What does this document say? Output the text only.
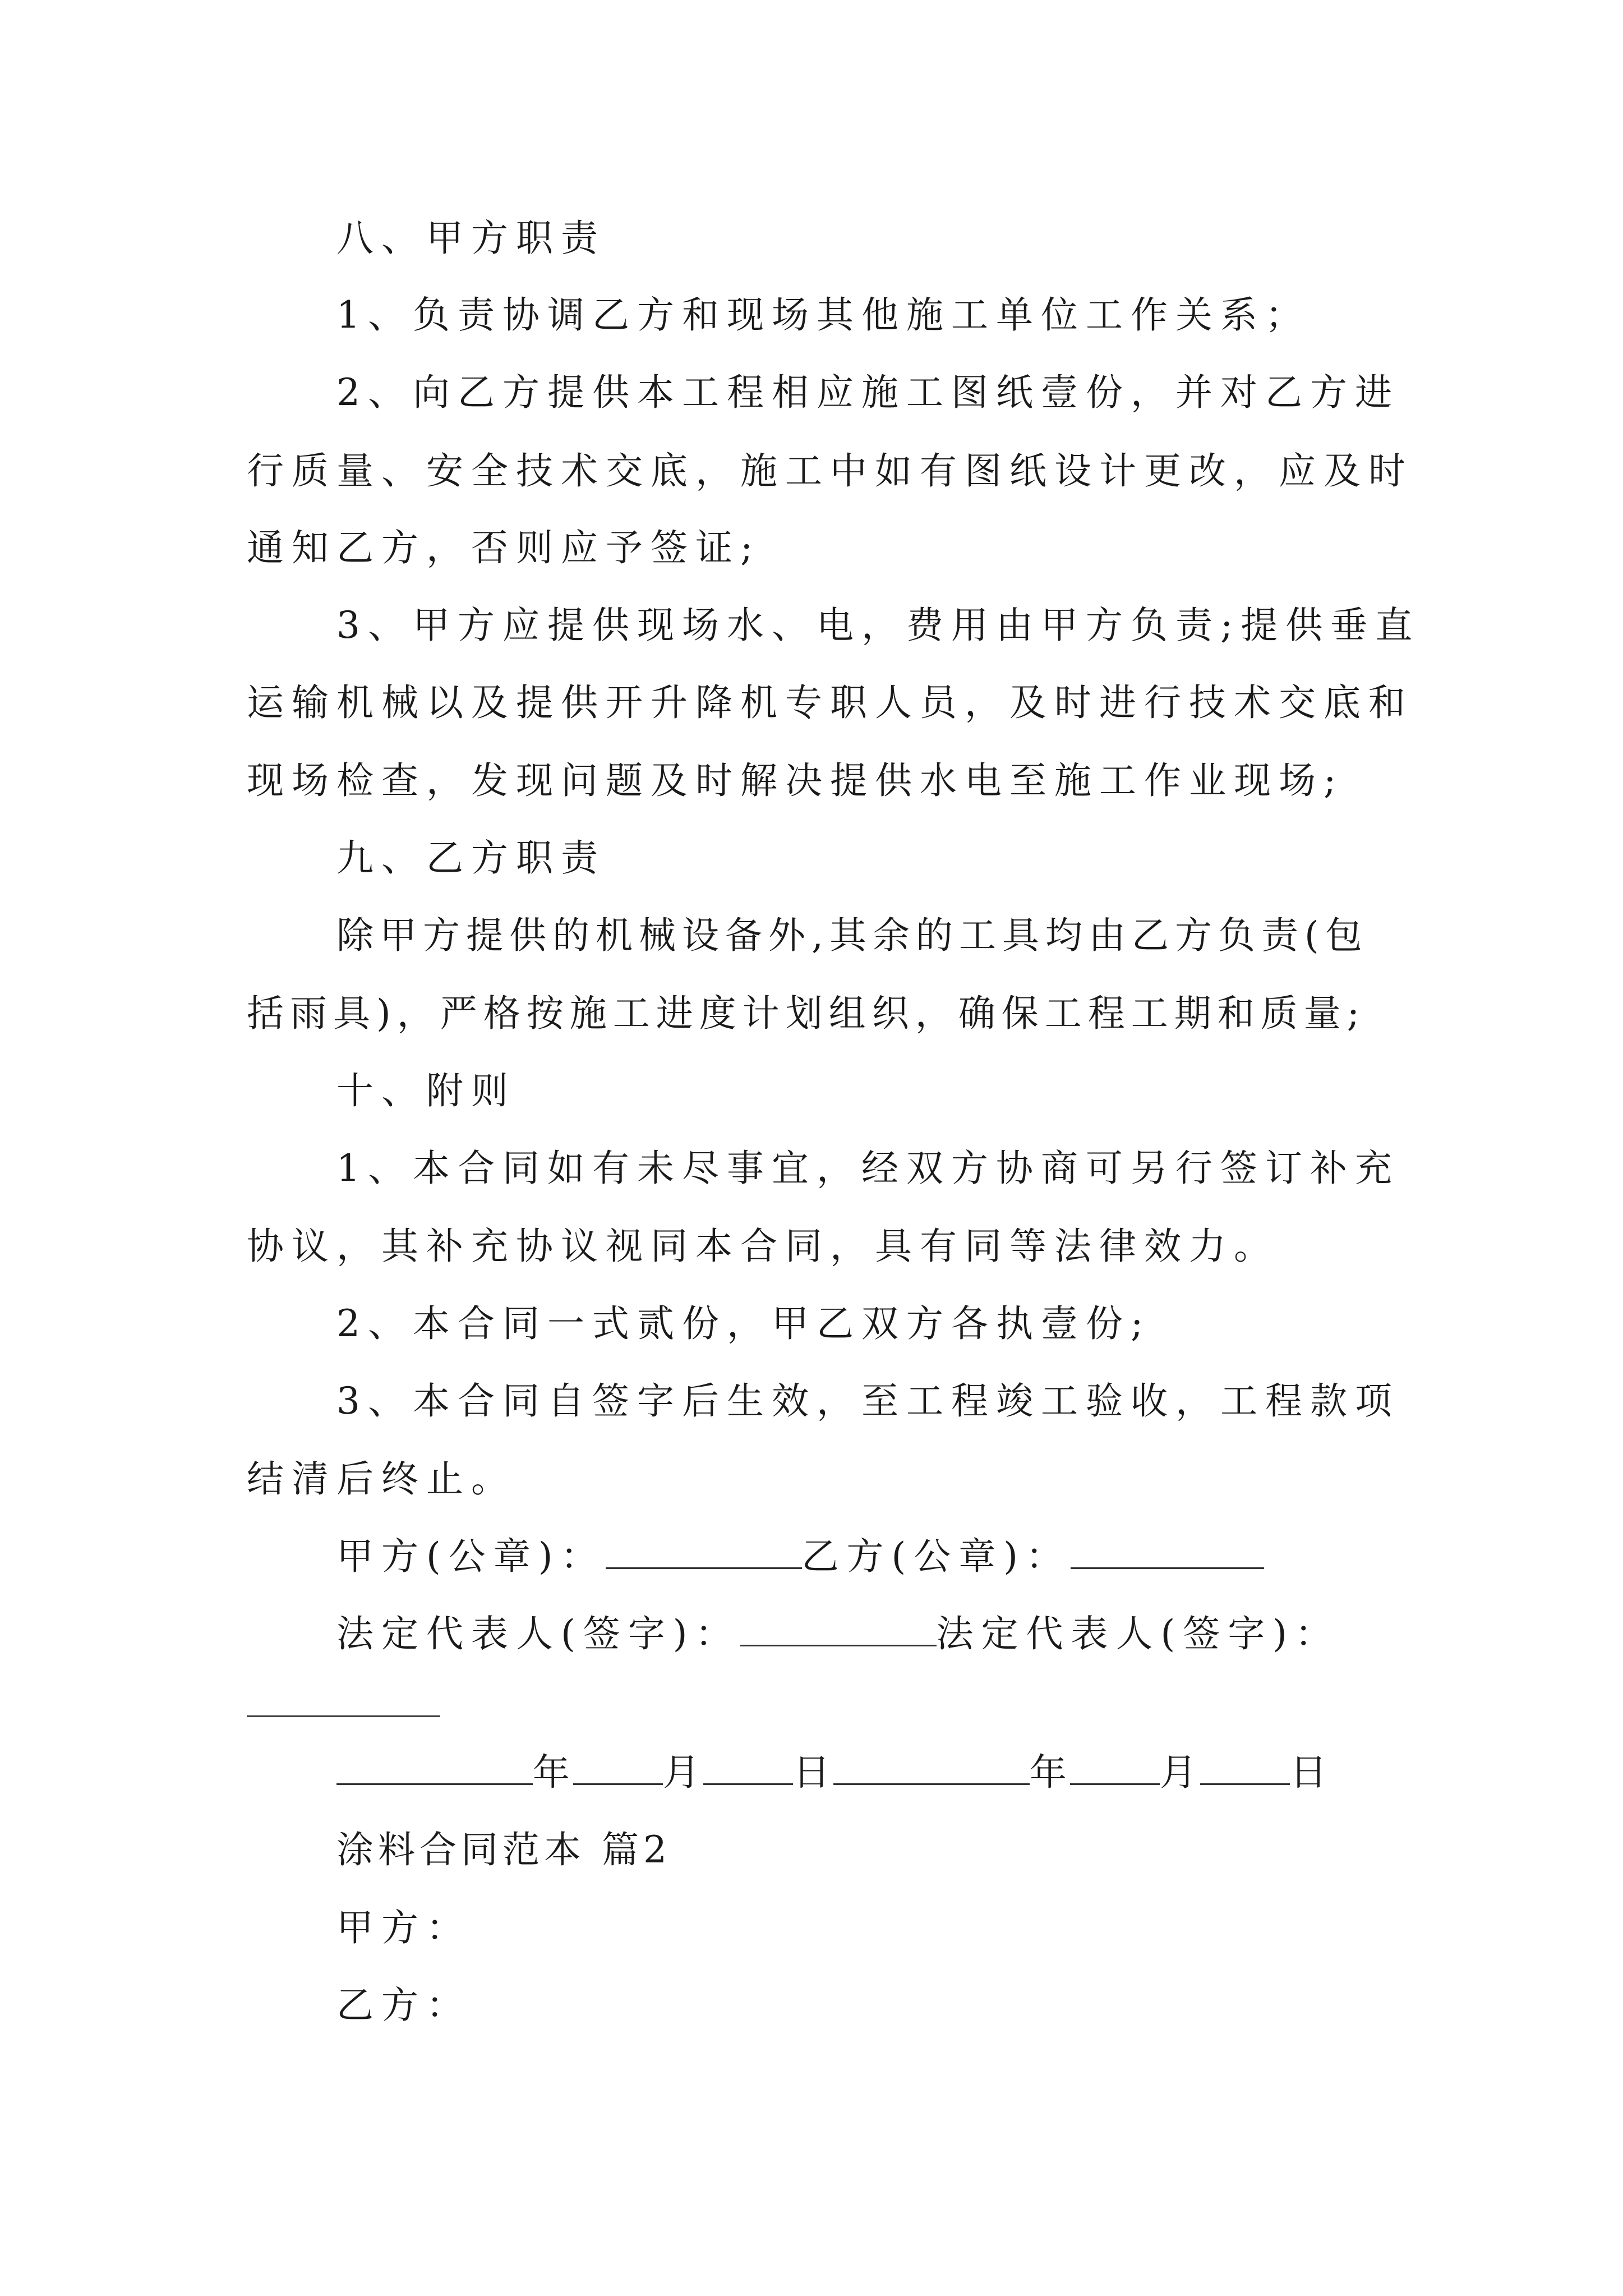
八、甲方职责
1、负责协调乙方和现场其他施工单位工作关系；
2、向乙方提供本工程相应施工图纸壹份，并对乙方进
行质量、安全技术交底，施工中如有图纸设计更改，应及时
通知乙方，否则应予签证;
3、甲方应提供现场水、电，费用由甲方负责;提供垂直
运输机械以及提供开升降机专职人员，及时进行技术交底和
现场检查，发现问题及时解决提供水电至施工作业现场;
九、乙方职责
除甲方提供的机械设备外,其余的工具均由乙方负责(包
括雨具)，严格按施工进度计划组织，确保工程工期和质量;
十、附则
1、本合同如有未尽事宜，经双方协商可另行签订补充
协议，其补充协议视同本合同，具有同等法律效力。
2、本合同一式贰份，甲乙双方各执壹份;
3、本合同自签字后生效，至工程竣工验收，工程款项
结清后终止。
甲方(公章)：	乙方(公章)：
法定代表人(签字)：	法定代表人(签字)：
年 月 日	年 月 日
涂料合同范本 篇2
甲方：
乙方：
